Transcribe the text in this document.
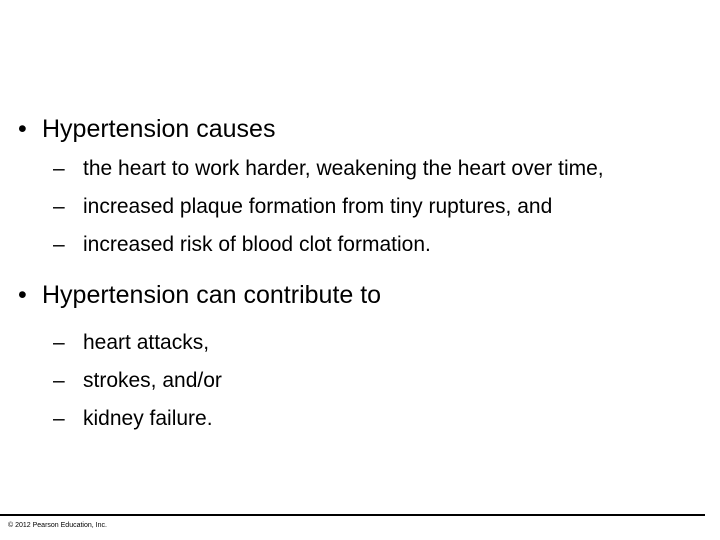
• Hypertension causes
– the heart to work harder, weakening the heart over time,
– increased plaque formation from tiny ruptures, and
– increased risk of blood clot formation.
• Hypertension can contribute to
– heart attacks,
– strokes, and/or
– kidney failure.
© 2012 Pearson Education, Inc.
